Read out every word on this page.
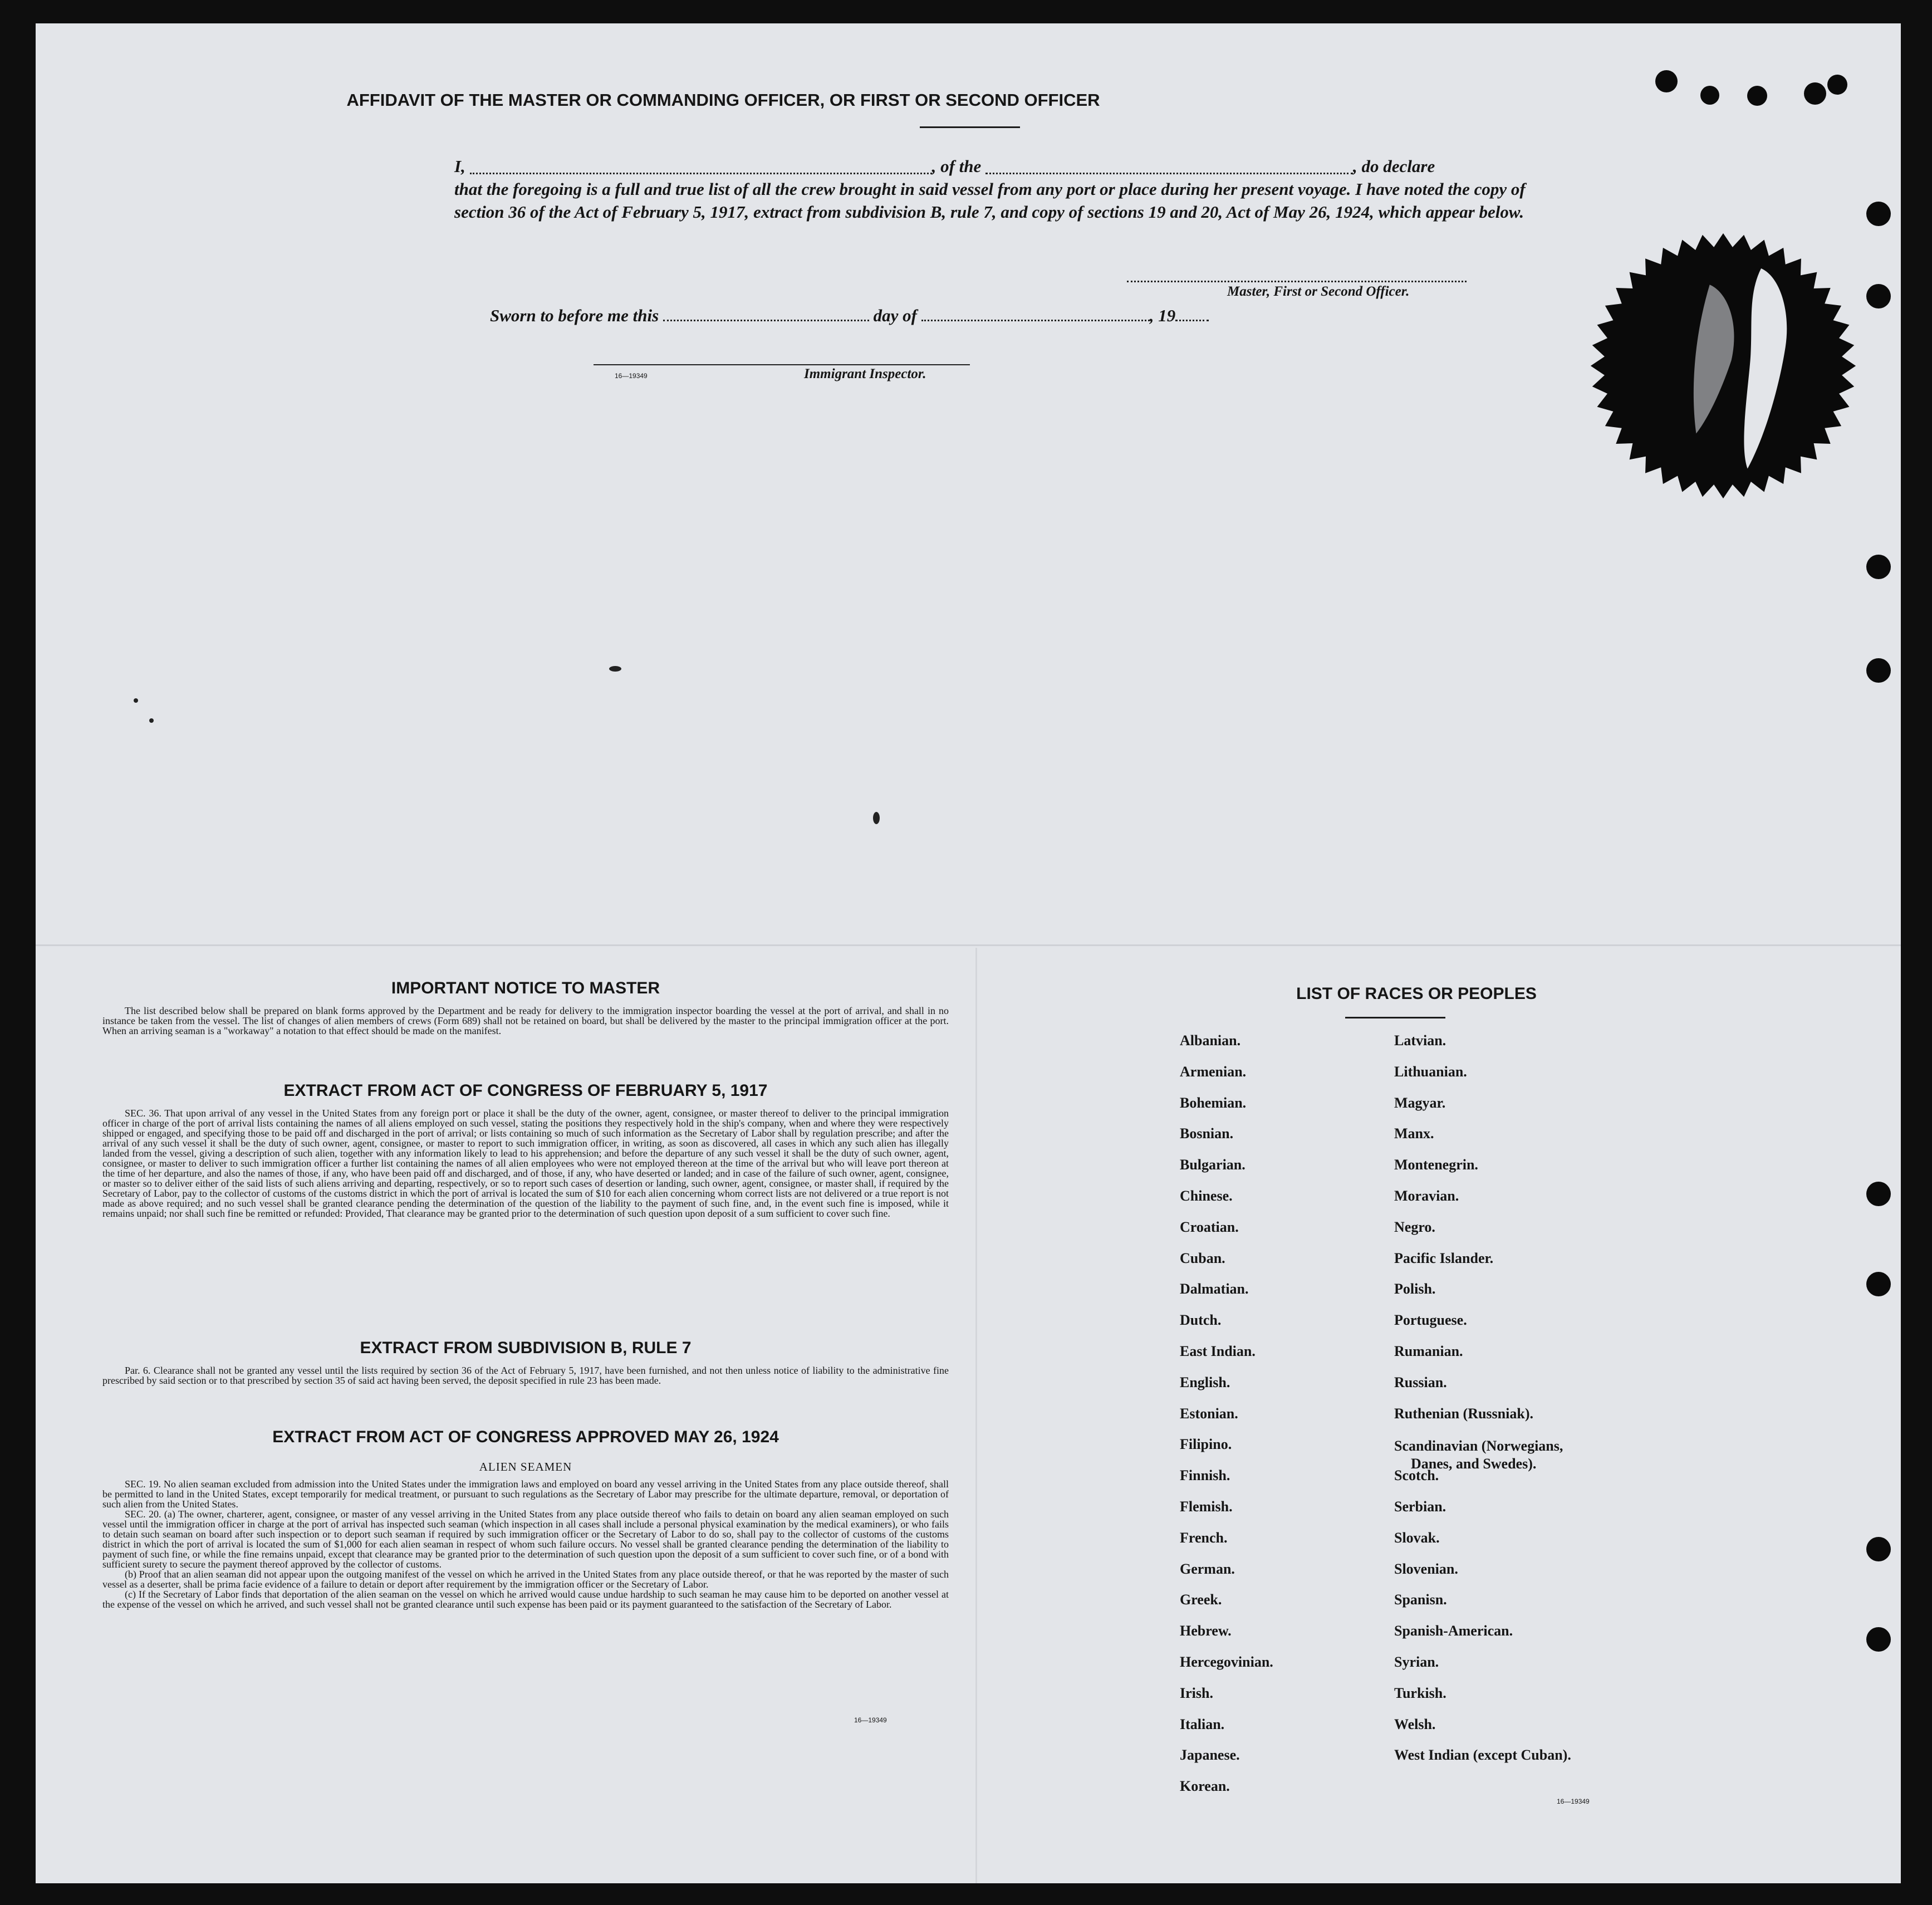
AFFIDAVIT OF THE MASTER OR COMMANDING OFFICER, OR FIRST OR SECOND OFFICER
I,	, of the	, do declare
that the foregoing is a full and true list of all the crew brought in said vessel from any port or place during her present voyage. I have noted the copy of section 36 of the Act of February 5, 1917, extract from subdivision B, rule 7, and copy of sections 19 and 20, Act of May 26, 1924, which appear below.
Master, First or Second Officer.
Sworn to before me this	day of	, 19
16—19349	Immigrant Inspector.
IMPORTANT NOTICE TO MASTER

The list described below shall be prepared on blank forms approved by the Department and be ready for delivery to the immigration inspector boarding the vessel at the port of arrival, and shall in no instance be taken from the vessel. The list of changes of alien members of crews (Form 689) shall not be retained on board, but shall be delivered by the master to the principal immigration officer at the port. When an arriving seaman is a "workaway" a notation to that effect should be made on the manifest.

EXTRACT FROM ACT OF CONGRESS OF FEBRUARY 5, 1917

SEC. 36. That upon arrival of any vessel in the United States from any foreign port or place it shall be the duty of the owner, agent, consignee, or master thereof to deliver to the principal immigration officer in charge of the port of arrival lists containing the names of all aliens employed on such vessel, stating the positions they respectively hold in the ship's company, when and where they were respectively shipped or engaged, and specifying those to be paid off and discharged in the port of arrival; or lists containing so much of such information as the Secretary of Labor shall by regulation prescribe; and after the arrival of any such vessel it shall be the duty of such owner, agent, consignee, or master to report to such immigration officer, in writing, as soon as discovered, all cases in which any such alien has illegally landed from the vessel, giving a description of such alien, together with any information likely to lead to his apprehension; and before the departure of any such vessel it shall be the duty of such owner, agent, consignee, or master to deliver to such immigration officer a further list containing the names of all alien employees who were not employed thereon at the time of the arrival but who will leave port thereon at the time of her departure, and also the names of those, if any, who have been paid off and discharged, and of those, if any, who have deserted or landed; and in case of the failure of such owner, agent, consignee, or master so to deliver either of the said lists of such aliens arriving and departing, respectively, or so to report such cases of desertion or landing, such owner, agent, consignee, or master shall, if required by the Secretary of Labor, pay to the collector of customs of the customs district in which the port of arrival is located the sum of $10 for each alien concerning whom correct lists are not delivered or a true report is not made as above required; and no such vessel shall be granted clearance pending the determination of the question of the liability to the payment of such fine, and, in the event such fine is imposed, while it remains unpaid; nor shall such fine be remitted or refunded: Provided, That clearance may be granted prior to the determination of such question upon deposit of a sum sufficient to cover such fine.

EXTRACT FROM SUBDIVISION B, RULE 7

Par. 6. Clearance shall not be granted any vessel until the lists required by section 36 of the Act of February 5, 1917, have been furnished, and not then unless notice of liability to the administrative fine prescribed by said section or to that prescribed by section 35 of said act having been served, the deposit specified in rule 23 has been made.

EXTRACT FROM ACT OF CONGRESS APPROVED MAY 26, 1924
ALIEN SEAMEN

SEC. 19. No alien seaman excluded from admission into the United States under the immigration laws and employed on board any vessel arriving in the United States from any place outside thereof, shall be permitted to land in the United States, except temporarily for medical treatment, or pursuant to such regulations as the Secretary of Labor may prescribe for the ultimate departure, removal, or deportation of such alien from the United States.

SEC. 20. (a) The owner, charterer, agent, consignee, or master of any vessel arriving in the United States from any place outside thereof who fails to detain on board any alien seaman employed on such vessel until the immigration officer in charge at the port of arrival has inspected such seaman (which inspection in all cases shall include a personal physical examination by the medical examiners), or who fails to detain such seaman on board after such inspection or to deport such seaman if required by such immigration officer or the Secretary of Labor to do so, shall pay to the collector of customs of the customs district in which the port of arrival is located the sum of $1,000 for each alien seaman in respect of whom such failure occurs. No vessel shall be granted clearance pending the determination of the liability to payment of such fine, or while the fine remains unpaid, except that clearance may be granted prior to the determination of such question upon the deposit of a sum sufficient to cover such fine, or of a bond with sufficient surety to secure the payment thereof approved by the collector of customs.

(b) Proof that an alien seaman did not appear upon the outgoing manifest of the vessel on which he arrived in the United States from any place outside thereof, or that he was reported by the master of such vessel as a deserter, shall be prima facie evidence of a failure to detain or deport after requirement by the immigration officer or the Secretary of Labor.

(c) If the Secretary of Labor finds that deportation of the alien seaman on the vessel on which he arrived would cause undue hardship to such seaman he may cause him to be deported on another vessel at the expense of the vessel on which he arrived, and such vessel shall not be granted clearance until such expense has been paid or its payment guaranteed to the satisfaction of the Secretary of Labor.

16—19349
LIST OF RACES OR PEOPLES
Albanian.
Armenian.
Bohemian.
Bosnian.
Bulgarian.
Chinese.
Croatian.
Cuban.
Dalmatian.
Dutch.
East Indian.
English.
Estonian.
Filipino.
Finnish.
Flemish.
French.
German.
Greek.
Hebrew.
Hercegovinian.
Irish.
Italian.
Japanese.
Korean.
Latvian.
Lithuanian.
Magyar.
Manx.
Montenegrin.
Moravian.
Negro.
Pacific Islander.
Polish.
Portuguese.
Rumanian.
Russian.
Ruthenian (Russniak).
Scandinavian (Norwegians,
Danes, and Swedes).
Scotch.
Serbian.
Slovak.
Slovenian.
Spanisn.
Spanish-American.
Syrian.
Turkish.
Welsh.
West Indian (except Cuban).
16—19349
